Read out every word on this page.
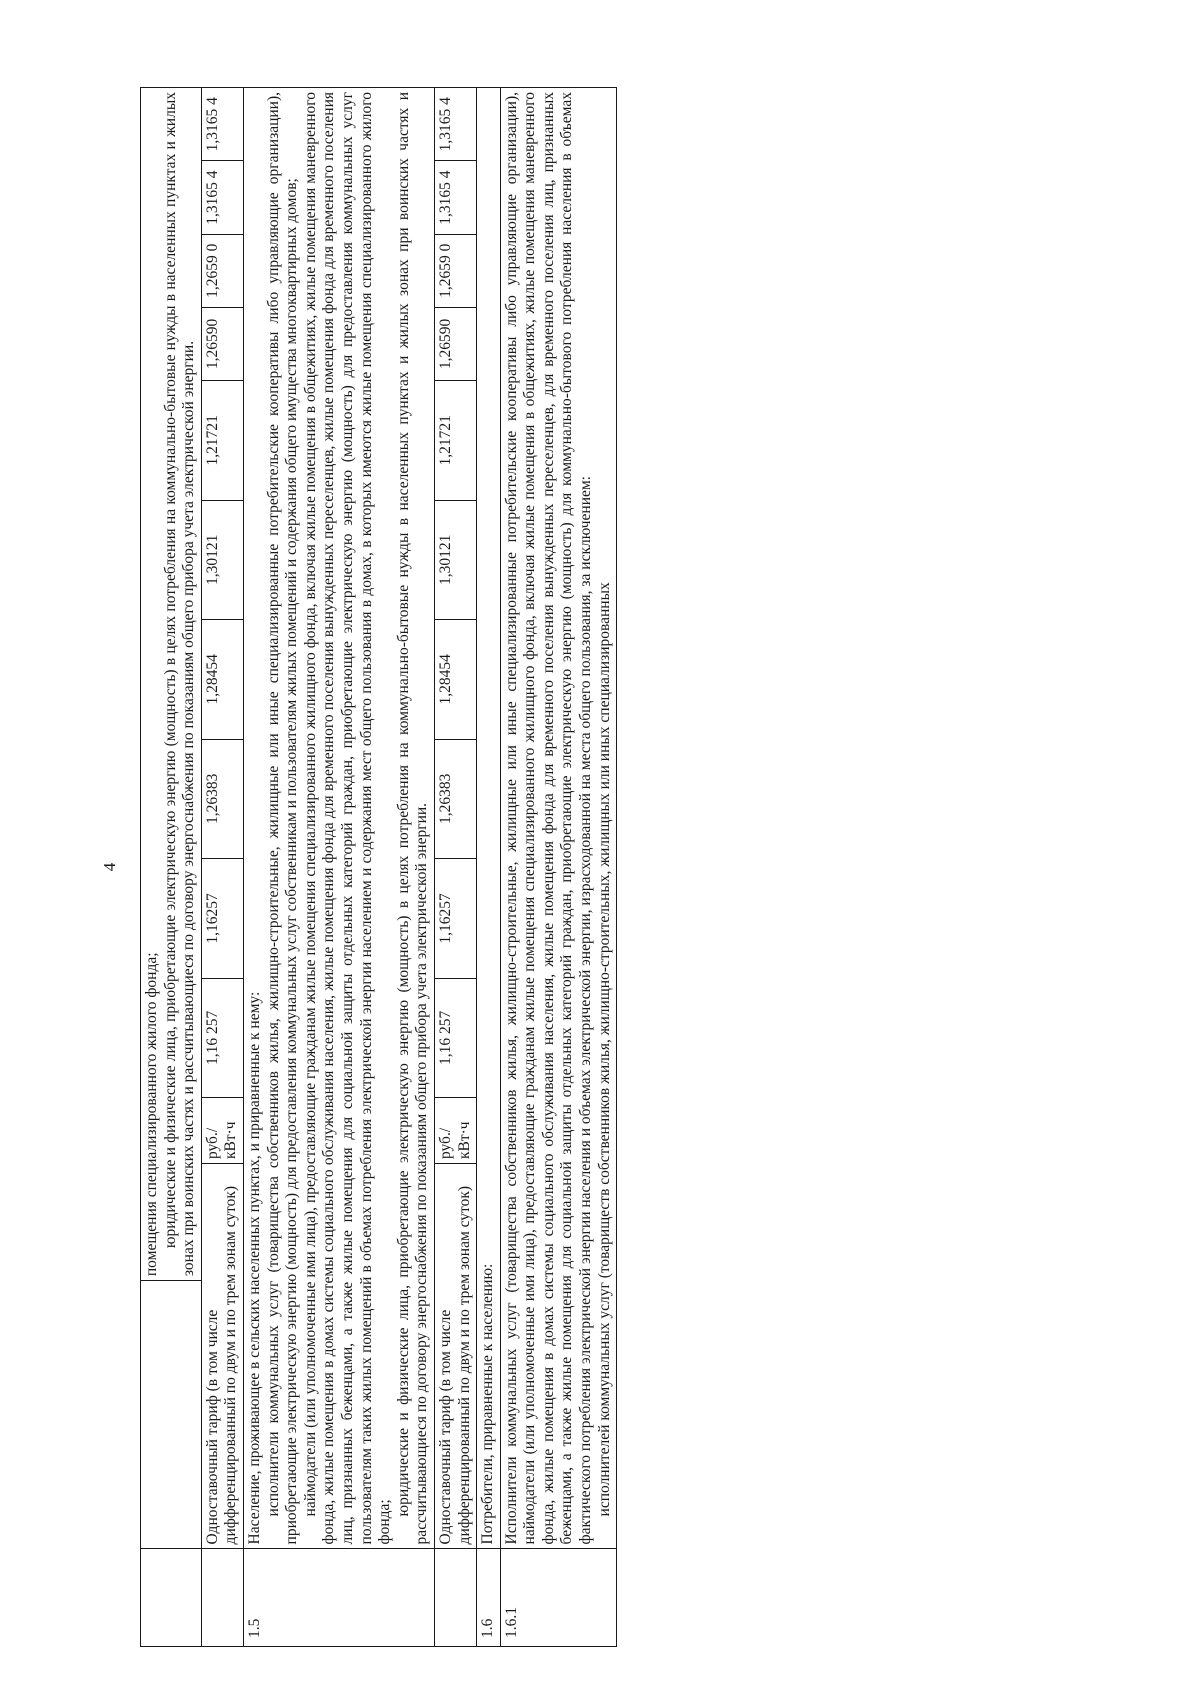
4

		помещения специализированного жилого фонда; юридические и физические лица, приобретающие электрическую энергию (мощность) в целях потребления на коммунально-бытовые нужды в населенных пунктах и жилых зонах при воинских частях и рассчитывающиеся по договору энергоснабжения по показаниям общего прибора учета электрической энергии.											

	Одноставочный тариф (в том числе дифференцированный по двум и по трем зонам суток)		руб./кВт·ч	1,16 257	1,16257	1,26383	1,28454	1,30121	1,21721	1,26590	1,2659 0	1,3165 4	1,3165 4
1.5	Население, проживающее в сельских населенных пунктах, и приравненные к нему: исполнители коммунальных услуг (товарищества собственников жилья, жилищно-строительные, жилищные или иные специализированные потребительские кооперативы либо управляющие организации), приобретающие электрическую энергию (мощность) для предоставления коммунальных услуг собственникам и пользователям жилых помещений и содержания общего имущества многоквартирных домов; наймодатели (или уполномоченные ими лица), предоставляющие гражданам жилые помещения специализированного жилищного фонда, включая жилые помещения в общежитиях, жилые помещения маневренного фонда, жилые помещения в домах системы социального обслуживания населения, жилые помещения фонда для временного поселения вынужденных переселенцев, жилые помещения фонда для временного поселения лиц, признанных беженцами, а также жилые помещения для социальной защиты отдельных категорий граждан, приобретающие электрическую энергию (мощность) для предоставления коммунальных услуг пользователям таких жилых помещений в объемах потребления электрической энергии населением и содержания мест общего пользования в домах, в которых имеются жилые помещения специализированного жилого фонда;
юридические и физические лица, приобретающие электрическую энергию (мощность) в целях потребления на коммунально-бытовые нужды в населенных пунктах и жилых зонах при воинских частях и рассчитывающиеся по договору энергоснабжения по показаниям общего прибора учета электрической энергии.												

	Одноставочный тариф (в том числе дифференцированный по двум и по трем зонам суток)		руб./кВт·ч	1,16 257	1,16257	1,26383	1,28454	1,30121	1,21721	1,26590	1,2659 0	1,3165 4	1,3165 4
1.6	Потребители, приравненные к населению:												
1.6.1	Исполнители коммунальных услуг (товарищества собственников жилья, жилищно-строительные, жилищные или иные специализированные потребительские кооперативы либо управляющие организации), наймодатели (или уполномоченные ими лица), предоставляющие гражданам жилые помещения специализированного жилищного фонда, включая жилые помещения в общежитиях, жилые помещения маневренного фонда, жилые помещения в домах системы социального обслуживания населения, жилые помещения фонда для временного поселения вынужденных переселенцев, для временного поселения лиц, признанных беженцами, а также жилые помещения для социальной защиты отдельных категорий граждан, приобретающие электрическую энергию (мощность) для коммунально-бытового потребления населения в объемах фактического потребления электрической энергии населения и объемах электрической энергии, израсходованной на места общего пользования, за исключением: исполнителей коммунальных услуг (товариществ собственников жилья, жилищно-строительных, жилищных или иных специализированных												
